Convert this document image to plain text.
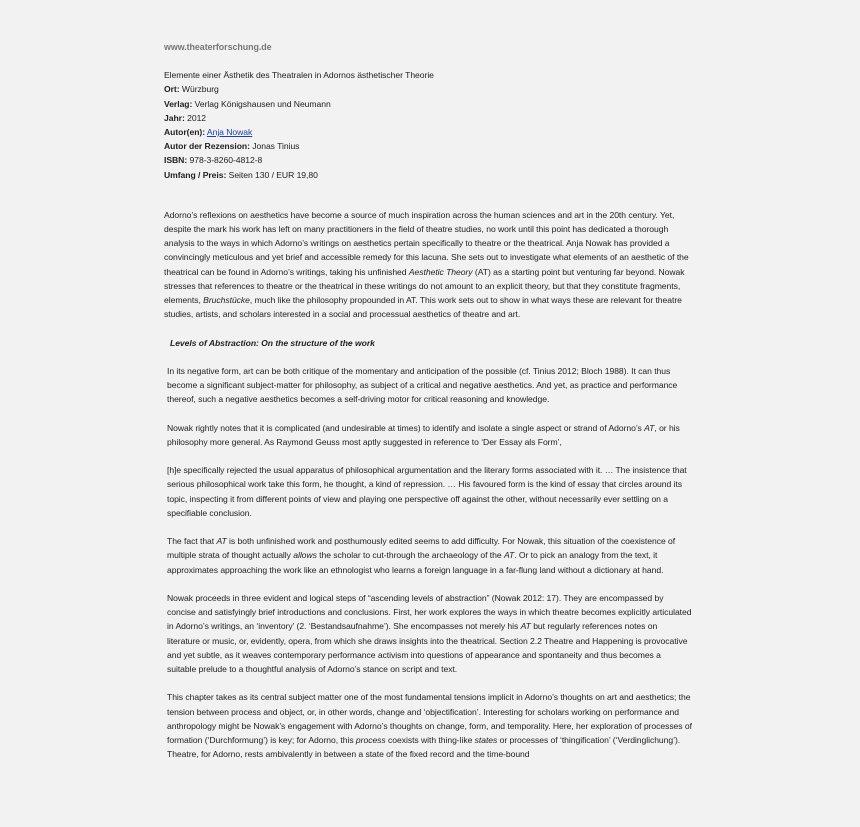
www.theaterforschung.de
Elemente einer Ästhetik des Theatralen in Adornos ästhetischer Theorie
Ort: Würzburg
Verlag: Verlag Königshausen und Neumann
Jahr: 2012
Autor(en): Anja Nowak
Autor der Rezension: Jonas Tinius
ISBN: 978-3-8260-4812-8
Umfang / Preis: Seiten 130 / EUR 19,80

Adorno’s reflexions on aesthetics have become a source of much inspiration across the human sciences and art in the 20th century. Yet, despite the mark his work has left on many practitioners in the field of theatre studies, no work until this point has dedicated a thorough analysis to the ways in which Adorno’s writings on aesthetics pertain specifically to theatre or the theatrical. Anja Nowak has provided a convincingly meticulous and yet brief and accessible remedy for this lacuna. She sets out to investigate what elements of an aesthetic of the theatrical can be found in Adorno’s writings, taking his unfinished Aesthetic Theory (AT) as a starting point but venturing far beyond. Nowak stresses that references to theatre or the theatrical in these writings do not amount to an explicit theory, but that they constitute fragments, elements, Bruchstücke, much like the philosophy propounded in AT. This work sets out to show in what ways these are relevant for theatre studies, artists, and scholars interested in a social and processual aesthetics of theatre and art.

Levels of Abstraction: On the structure of the work

In its negative form, art can be both critique of the momentary and anticipation of the possible (cf. Tinius 2012; Bloch 1988). It can thus become a significant subject-matter for philosophy, as subject of a critical and negative aesthetics. And yet, as practice and performance thereof, such a negative aesthetics becomes a self-driving motor for critical reasoning and knowledge.

Nowak rightly notes that it is complicated (and undesirable at times) to identify and isolate a single aspect or strand of Adorno’s AT, or his philosophy more general. As Raymond Geuss most aptly suggested in reference to ‘Der Essay als Form’,

[h]e specifically rejected the usual apparatus of philosophical argumentation and the literary forms associated with it. … The insistence that serious philosophical work take this form, he thought, a kind of repression. … His favoured form is the kind of essay that circles around its topic, inspecting it from different points of view and playing one perspective off against the other, without necessarily ever settling on a specifiable conclusion.

The fact that AT is both unfinished work and posthumously edited seems to add difficulty. For Nowak, this situation of the coexistence of multiple strata of thought actually allows the scholar to cut-through the archaeology of the AT. Or to pick an analogy from the text, it approximates approaching the work like an ethnologist who learns a foreign language in a far-flung land without a dictionary at hand.

Nowak proceeds in three evident and logical steps of “ascending levels of abstraction” (Nowak 2012: 17). They are encompassed by concise and satisfyingly brief introductions and conclusions. First, her work explores the ways in which theatre becomes explicitly articulated in Adorno’s writings, an ‘inventory’ (2. ‘Bestandsaufnahme’). She encompasses not merely his AT but regularly references notes on literature or music, or, evidently, opera, from which she draws insights into the theatrical. Section 2.2 Theatre and Happening is provocative and yet subtle, as it weaves contemporary performance activism into questions of appearance and spontaneity and thus becomes a suitable prelude to a thoughtful analysis of Adorno’s stance on script and text.

This chapter takes as its central subject matter one of the most fundamental tensions implicit in Adorno’s thoughts on art and aesthetics; the tension between process and object, or, in other words, change and ‘objectification’. Interesting for scholars working on performance and anthropology might be Nowak’s engagement with Adorno’s thoughts on change, form, and temporality. Here, her exploration of processes of formation (‘Durchformung’) is key; for Adorno, this process coexists with thing-like states or processes of ‘thingification’ (‘Verdinglichung’). Theatre, for Adorno, rests ambivalently in between a state of the fixed record and the time-bound
